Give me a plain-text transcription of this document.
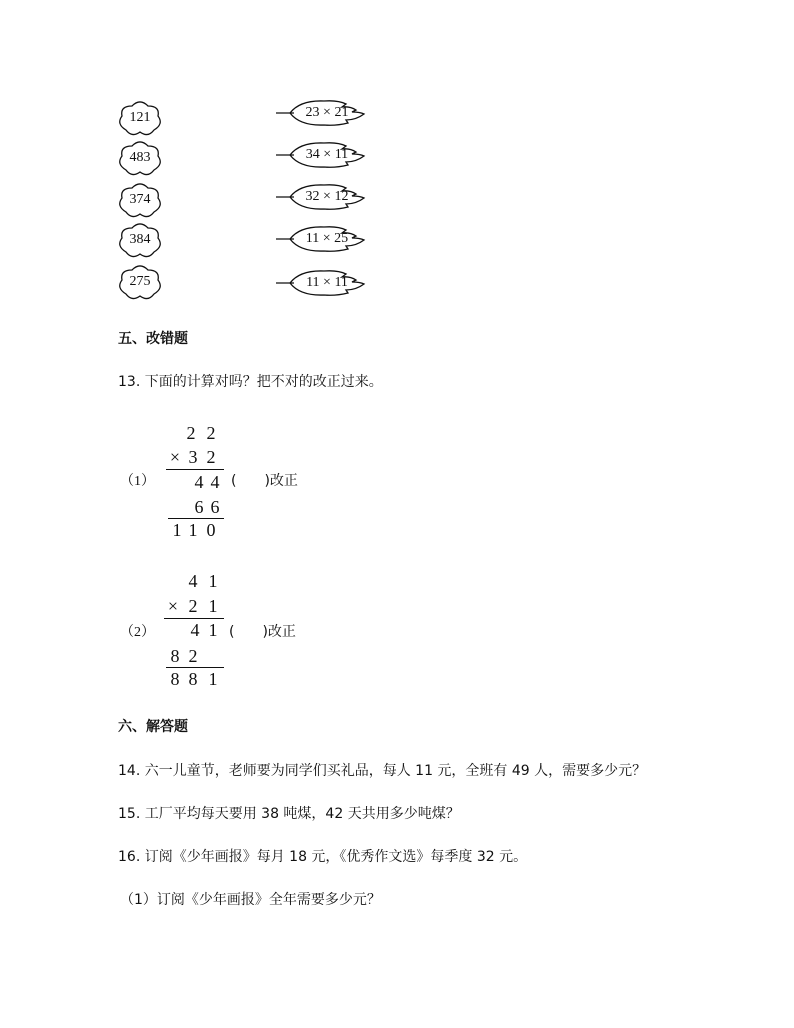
121
483
374
384
275
23 × 21
34 × 11
32 × 12
11 × 25
11 × 11
五、改错题
13. 下面的计算对吗？把不对的改正过来。
（1）
2 2
× 3 2
4 4 (　　)改正
6 6
1 1 0
（2）
4 1
× 2 1
4 1 (　　)改正
8 2
8 8 1
六、解答题
14. 六一儿童节，老师要为同学们买礼品，每人 11 元，全班有 49 人，需要多少元？
15. 工厂平均每天要用 38 吨煤，42 天共用多少吨煤？
16. 订阅《少年画报》每月 18 元，《优秀作文选》每季度 32 元。
（1）订阅《少年画报》全年需要多少元？
